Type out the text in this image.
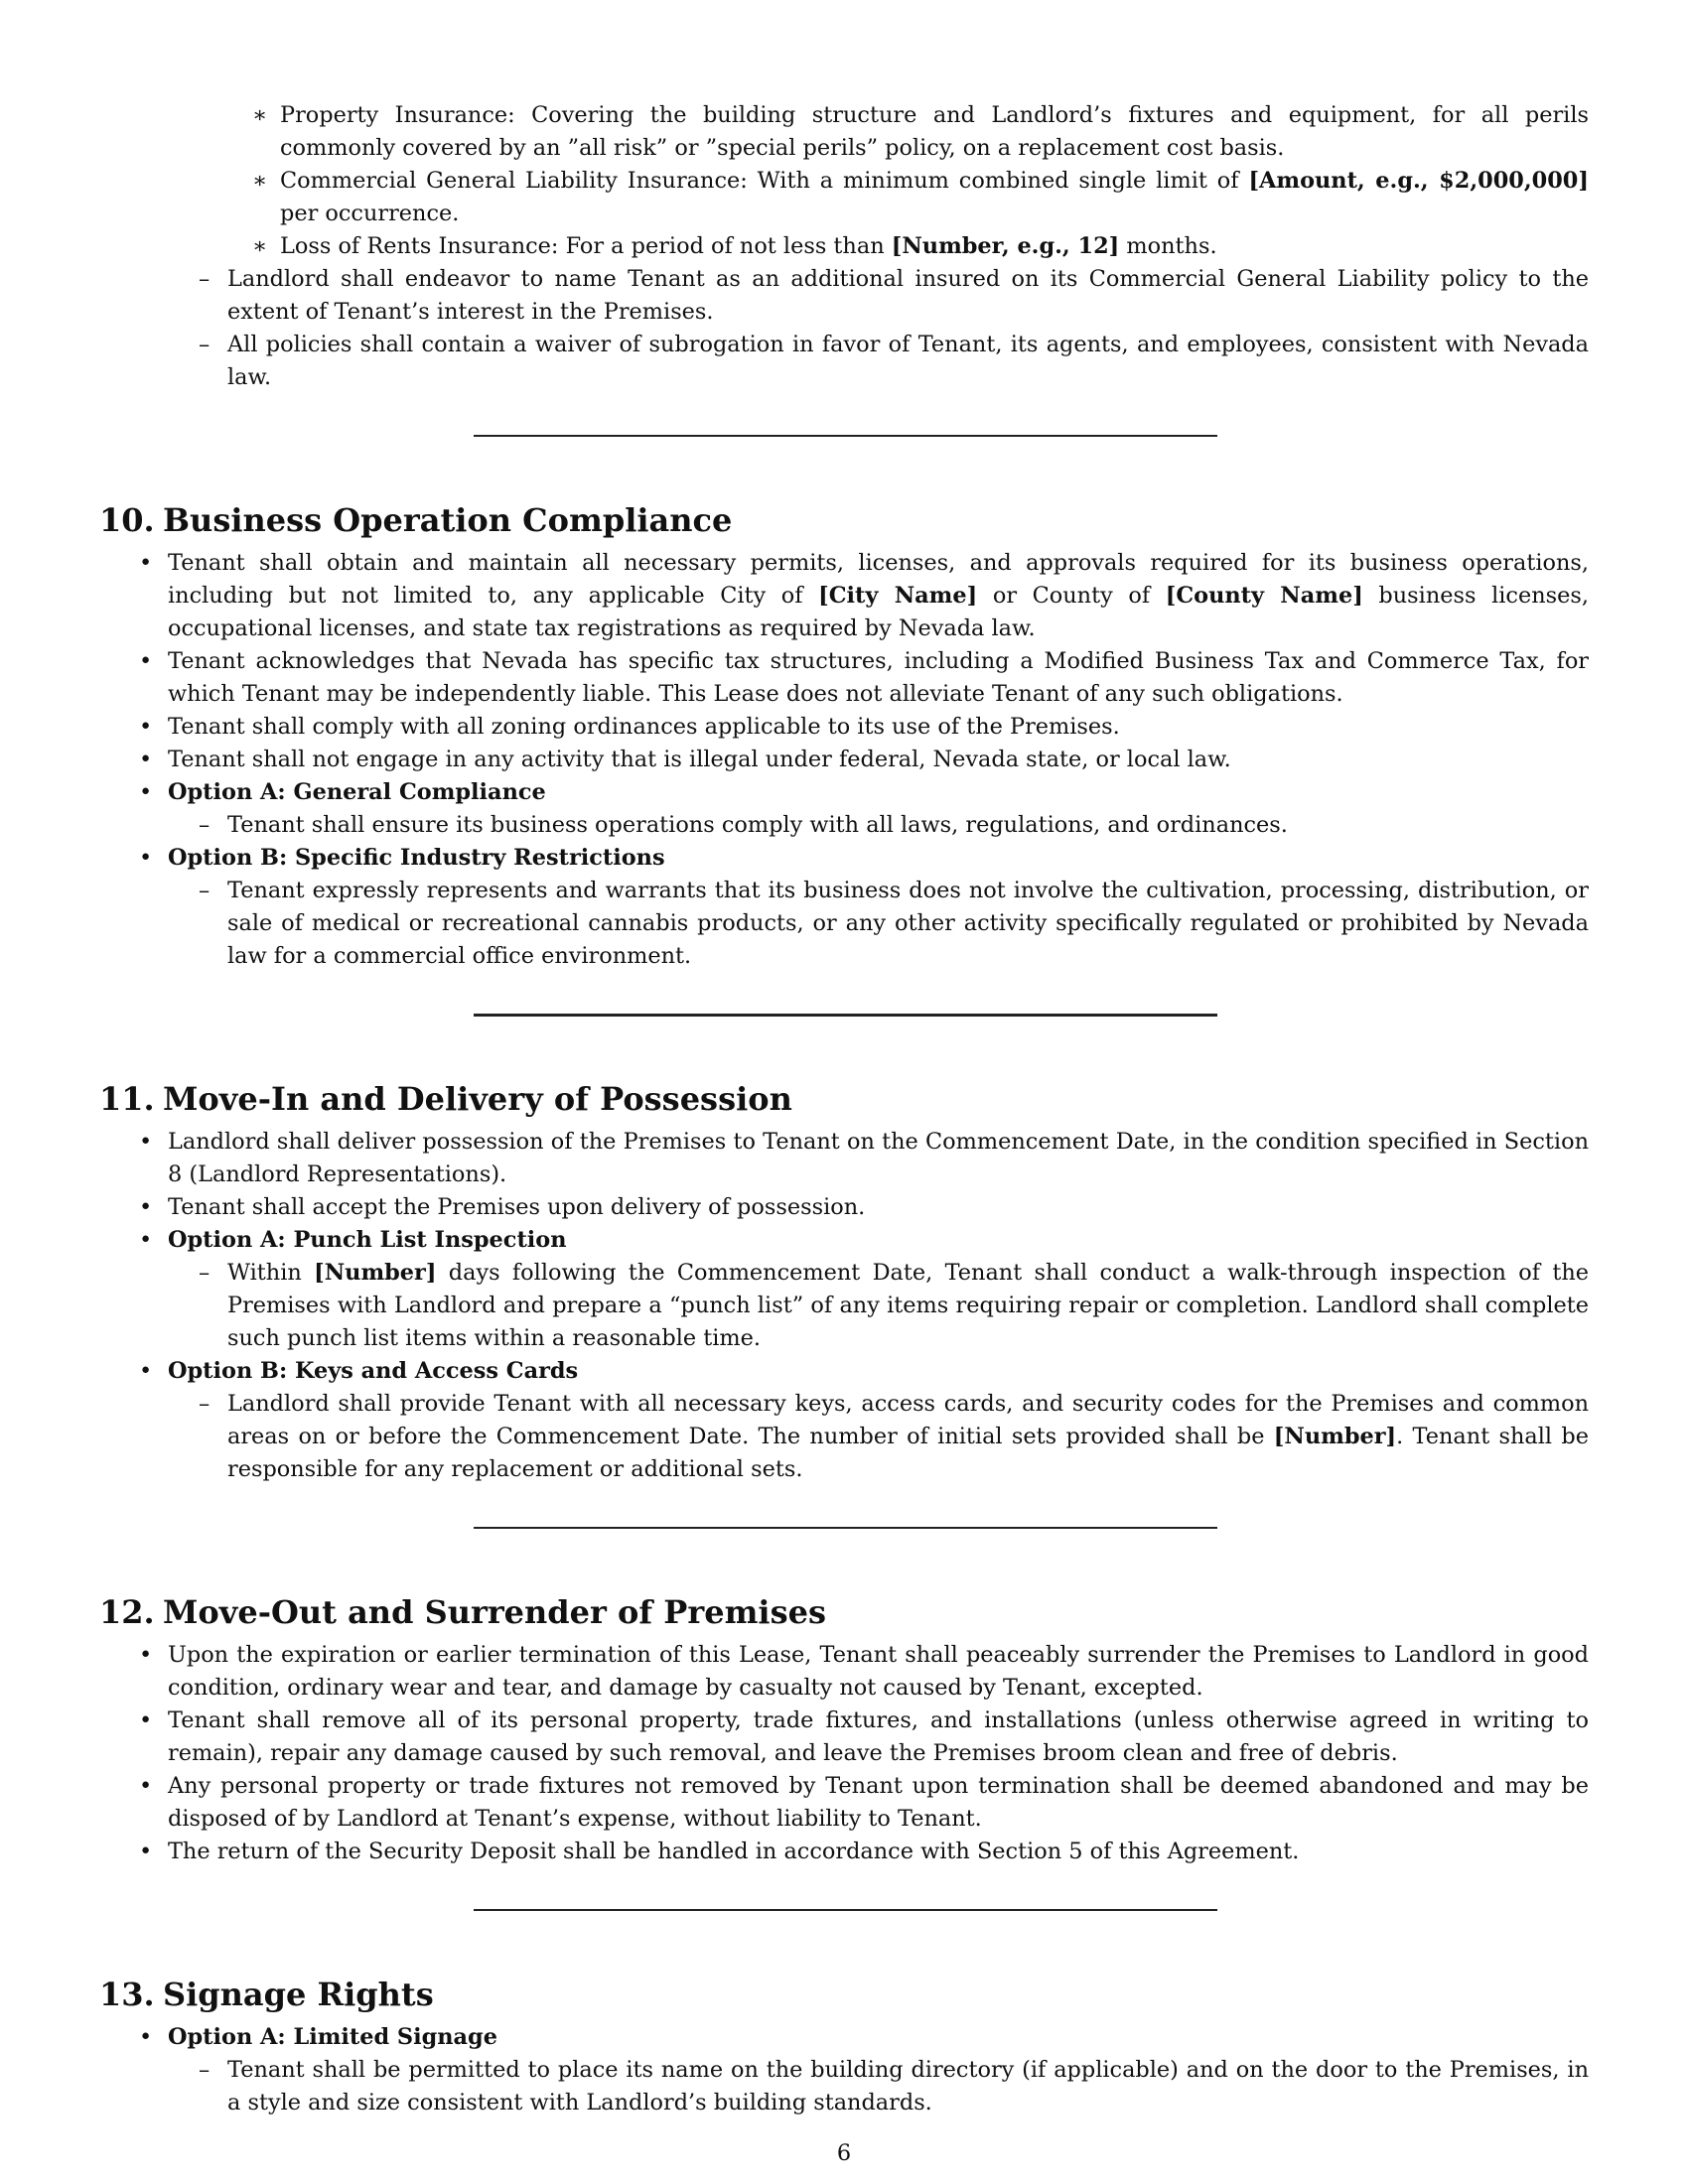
∗ Property Insurance: Covering the building structure and Landlord’s fixtures and equipment, for all perils commonly covered by an ”all risk” or ”special perils” policy, on a replacement cost basis.

∗ Commercial General Liability Insurance: With a minimum combined single limit of [Amount, e.g., $2,000,000] per occurrence.

∗ Loss of Rents Insurance: For a period of not less than [Number, e.g., 12] months.

– Landlord shall endeavor to name Tenant as an additional insured on its Commercial General Liability policy to the extent of Tenant’s interest in the Premises.

– All policies shall contain a waiver of subrogation in favor of Tenant, its agents, and employees, consistent with Nevada law.

10. Business Operation Compliance

• Tenant shall obtain and maintain all necessary permits, licenses, and approvals required for its business operations, including but not limited to, any applicable City of [City Name] or County of [County Name] business licenses, occupational licenses, and state tax registrations as required by Nevada law.

• Tenant acknowledges that Nevada has specific tax structures, including a Modified Business Tax and Commerce Tax, for which Tenant may be independently liable. This Lease does not alleviate Tenant of any such obligations.

• Tenant shall comply with all zoning ordinances applicable to its use of the Premises.

• Tenant shall not engage in any activity that is illegal under federal, Nevada state, or local law.

• Option A: General Compliance

– Tenant shall ensure its business operations comply with all laws, regulations, and ordinances.

• Option B: Specific Industry Restrictions

– Tenant expressly represents and warrants that its business does not involve the cultivation, processing, distribution, or sale of medical or recreational cannabis products, or any other activity specifically regulated or prohibited by Nevada law for a commercial office environment.

11. Move-In and Delivery of Possession

• Landlord shall deliver possession of the Premises to Tenant on the Commencement Date, in the condition specified in Section 8 (Landlord Representations).

• Tenant shall accept the Premises upon delivery of possession.

• Option A: Punch List Inspection

– Within [Number] days following the Commencement Date, Tenant shall conduct a walk-through inspection of the Premises with Landlord and prepare a “punch list” of any items requiring repair or completion. Landlord shall complete such punch list items within a reasonable time.

• Option B: Keys and Access Cards

– Landlord shall provide Tenant with all necessary keys, access cards, and security codes for the Premises and common areas on or before the Commencement Date. The number of initial sets provided shall be [Number]. Tenant shall be responsible for any replacement or additional sets.

12. Move-Out and Surrender of Premises

• Upon the expiration or earlier termination of this Lease, Tenant shall peaceably surrender the Premises to Landlord in good condition, ordinary wear and tear, and damage by casualty not caused by Tenant, excepted.

• Tenant shall remove all of its personal property, trade fixtures, and installations (unless otherwise agreed in writing to remain), repair any damage caused by such removal, and leave the Premises broom clean and free of debris.

• Any personal property or trade fixtures not removed by Tenant upon termination shall be deemed abandoned and may be disposed of by Landlord at Tenant’s expense, without liability to Tenant.

• The return of the Security Deposit shall be handled in accordance with Section 5 of this Agreement.

13. Signage Rights

• Option A: Limited Signage

– Tenant shall be permitted to place its name on the building directory (if applicable) and on the door to the Premises, in a style and size consistent with Landlord’s building standards.

6
